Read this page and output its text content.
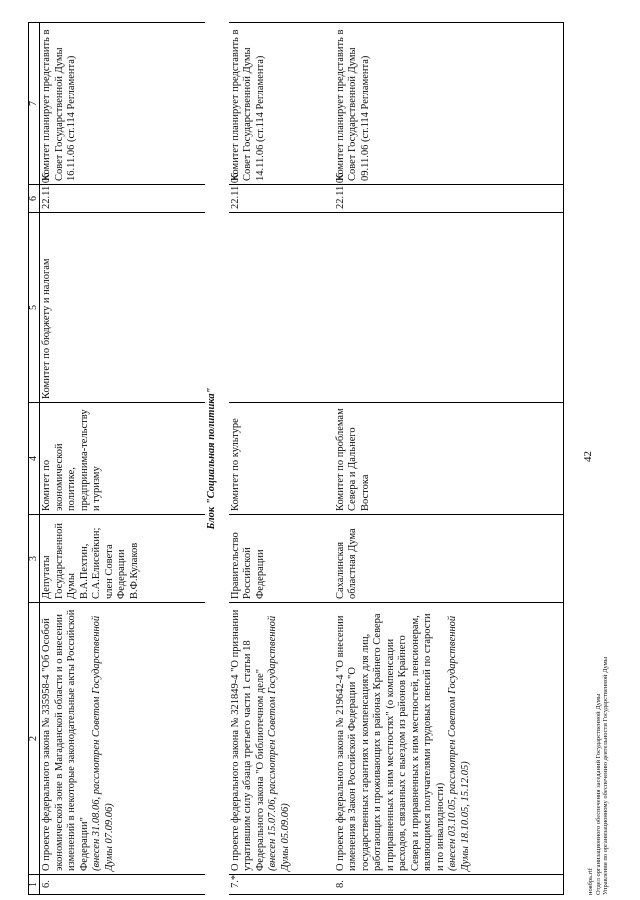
42
1	2	3	4	5	6	7
6.	О проекте федерального закона № 335958-4 "Об Особой экономической зоне в Магаданской области и о внесении изменений в некоторые законодательные акты Российской Федерации" (внесен 31.08.06, рассмотрен Советом Государственной Думы 07.09.06)	Депутаты Государственной Думы В.А.Пехтин, С.А.Елисейкин; член Совета Федерации В.Ф.Кулаков	Комитет по экономической политике, предпринима-тельству и туризму	Комитет по бюджету и налогам	22.11.06	Комитет планирует представить в Совет Государственной Думы 16.11.06 (ст.114 Регламента)
Блок "Социальная политика"						
7.*	О проекте федерального закона № 321849-4 "О признании утратившим силу абзаца третьего части 1 статьи 18 Федерального закона "О библиотечном деле" (внесен 15.07.06, рассмотрен Советом Государственной Думы 05.09.06)	Правительство Российской Федерации	Комитет по культуре		22.11.06	Комитет планирует представить в Совет Государственной Думы 14.11.06 (ст.114 Регламента)
8.	О проекте федерального закона № 219642-4 "О внесении изменения в Закон Российской Федерации "О государственных гарантиях и компенсациях для лиц, работающих и проживающих в районах Крайнего Севера и приравненных к ним местностях" (о компенсации расходов, связанных с выездом из районов Крайнего Севера и приравненных к ним местностей, пенсионерам, являющимся получателями трудовых пенсий по старости и по инвалидности) (внесен 03.10.05, рассмотрен Советом Государственной Думы 18.10.05, 15.12.05)	Сахалинская областная Дума	Комитет по проблемам Севера и Дальнего Востока		22.11.06	Комитет планирует представить в Совет Государственной Думы 09.11.06 (ст.114 Регламента)
ноябрь.rtf Отдел организационного обеспечения заседаний Государственной Думы Управления по организационному обеспечению деятельности Государственной Думы
